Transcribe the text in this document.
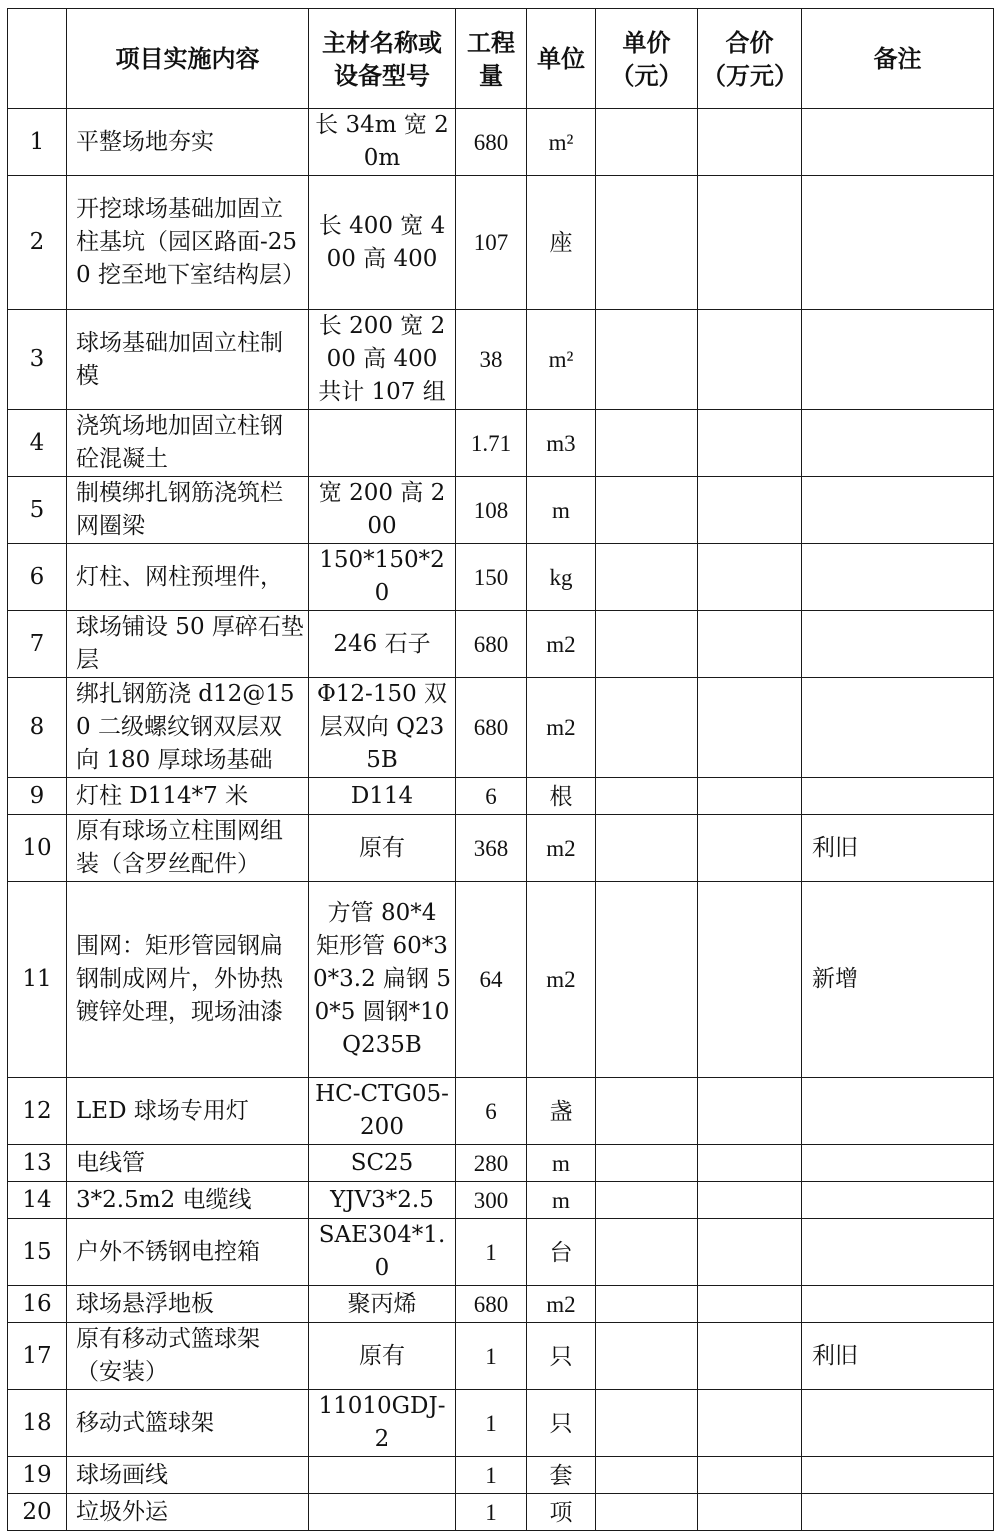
	项目实施内容	主材名称或设备型号	工程量	单位	单价（元）	合价（万元）	备注
1	平整场地夯实	长 34m 宽 20m	680	m²			
2	开挖球场基础加固立柱基坑（园区路面-250 挖至地下室结构层）	长 400 宽 400 高 400	107	座			
3	球场基础加固立柱制模	长 200 宽 200 高 400 共计 107 组	38	m²			
4	浇筑场地加固立柱钢砼混凝土		1.71	m3			
5	制模绑扎钢筋浇筑栏网圈梁	宽 200 高 200	108	m			
6	灯柱、网柱预埋件，	150*150*20	150	kg			
7	球场铺设 50 厚碎石垫层	246 石子	680	m2			
8	绑扎钢筋浇 d12@150 二级螺纹钢双层双向 180 厚球场基础	Φ12-150 双层双向 Q235B	680	m2			
9	灯柱 D114*7 米	D114	6	根			
10	原有球场立柱围网组装（含罗丝配件）	原有	368	m2			利旧
11	围网：矩形管园钢扁钢制成网片，外协热镀锌处理，现场油漆	方管 80*4 矩形管 60*30*3.2 扁钢 50*5 圆钢*10 Q235B	64	m2			新增
12	LED 球场专用灯	HC-CTG05-200	6	盏			
13	电线管	SC25	280	m			
14	3*2.5m2 电缆线	YJV3*2.5	300	m			
15	户外不锈钢电控箱	SAE304*1.0	1	台			
16	球场悬浮地板	聚丙烯	680	m2			
17	原有移动式篮球架（安装）	原有	1	只			利旧
18	移动式篮球架	11010GDJ-2	1	只			
19	球场画线		1	套			
20	垃圾外运		1	项			
